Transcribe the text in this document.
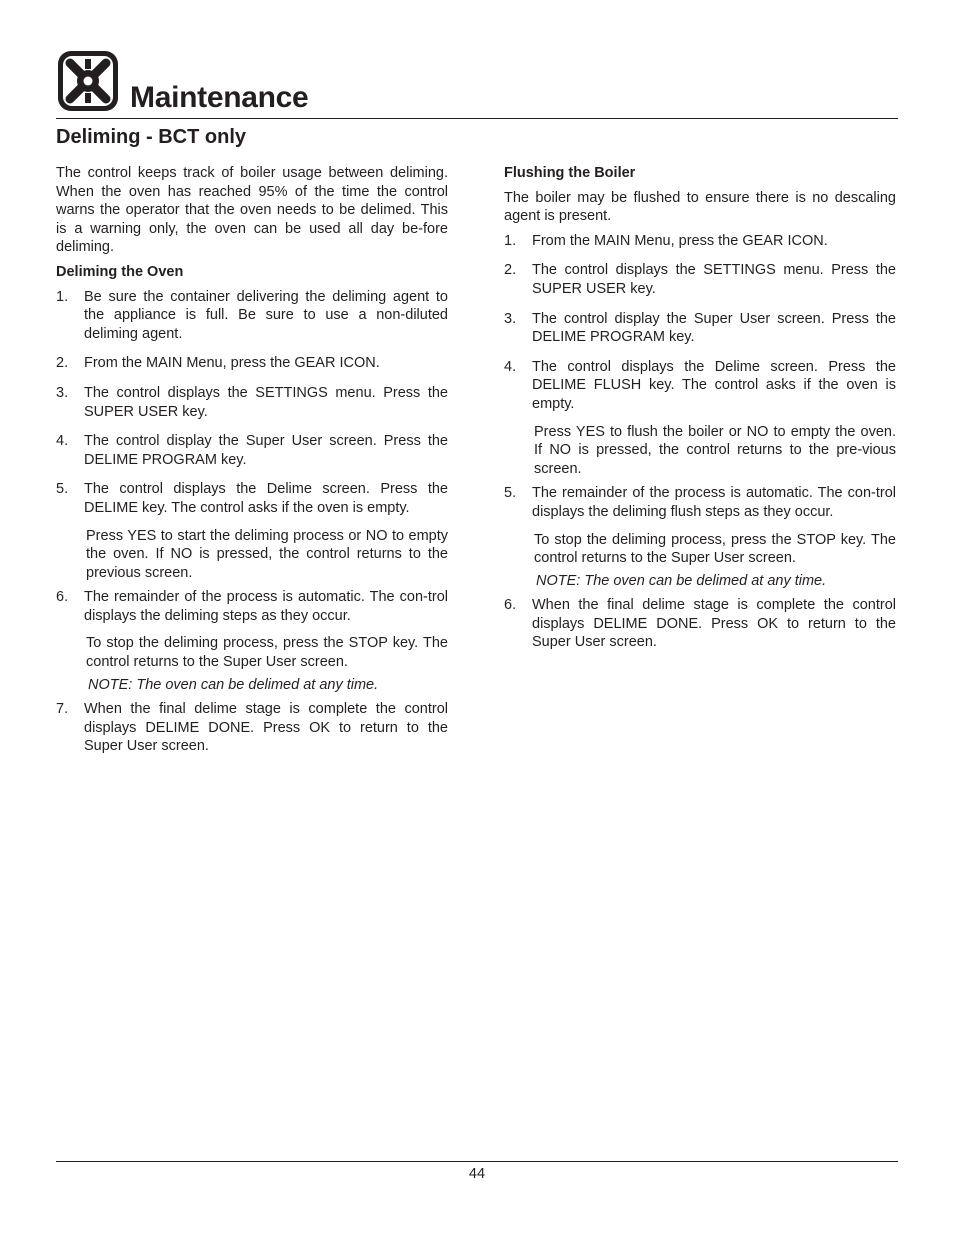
Maintenance
Deliming - BCT only

The control keeps track of boiler usage between deliming. When the oven has reached 95% of the time the control warns the operator that the oven needs to be delimed. This is a warning only, the oven can be used all day be-fore deliming.

Deliming the Oven

1. Be sure the container delivering the deliming agent to the appliance is full. Be sure to use a non-diluted deliming agent.
2. From the MAIN Menu, press the GEAR ICON.
3. The control displays the SETTINGS menu. Press the SUPER USER key.
4. The control display the Super User screen. Press the DELIME PROGRAM key.
5. The control displays the Delime screen. Press the DELIME key. The control asks if the oven is empty.

Press YES to start the deliming process or NO to empty the oven. If NO is pressed, the control returns to the previous screen.

6. The remainder of the process is automatic. The con-trol displays the deliming steps as they occur.

To stop the deliming process, press the STOP key. The control returns to the Super User screen.

NOTE: The oven can be delimed at any time.

7. When the final delime stage is complete the control displays DELIME DONE. Press OK to return to the Super User screen.

Flushing the Boiler

The boiler may be flushed to ensure there is no descaling agent is present.

1. From the MAIN Menu, press the GEAR ICON.
2. The control displays the SETTINGS menu. Press the SUPER USER key.
3. The control display the Super User screen. Press the DELIME PROGRAM key.
4. The control displays the Delime screen. Press the DELIME FLUSH key. The control asks if the oven is empty.

Press YES to flush the boiler or NO to empty the oven. If NO is pressed, the control returns to the pre-vious screen.

5. The remainder of the process is automatic. The con-trol displays the deliming flush steps as they occur.

To stop the deliming process, press the STOP key. The control returns to the Super User screen.

NOTE: The oven can be delimed at any time.

6. When the final delime stage is complete the control displays DELIME DONE. Press OK to return to the Super User screen.
44
